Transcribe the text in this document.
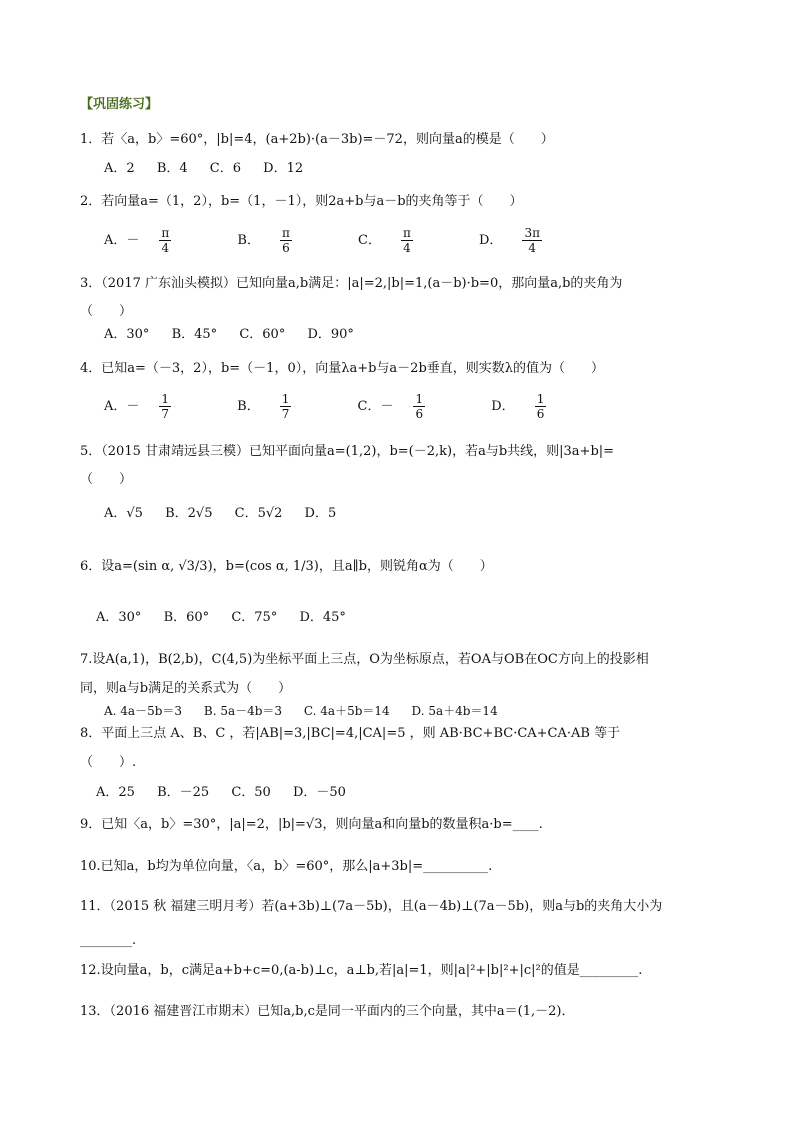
【巩固练习】
1．若〈a，b〉=60°，|b|=4，(a+2b)·(a－3b)=－72，则向量a的模是（　　）
A．2 B．4 C．6 D．12
2．若向量a=（1，2），b=（1，－1），则2a+b与a－b的夹角等于（　　）
A．－ $\frac{\pi}{4}$	B． $\frac{\pi}{6}$	C． $\frac{\pi}{4}$	D． $\frac{3\pi}{4}$
3．（2017 广东汕头模拟）已知向量a,b满足：|a|=2,|b|=1,(a－b)·b=0，那向量a,b的夹角为
（　　）
A．30° B．45° C．60° D．90°
4．已知a=（－3，2），b=（－1，0），向量λa+b与a－2b垂直，则实数λ的值为（　　）
A．－ $\frac{1}{7}$	B． $\frac{1}{7}$	C．－ $\frac{1}{6}$	D． $\frac{1}{6}$
5．（2015 甘肃靖远县三模）已知平面向量a=(1,2)，b=(－2,k)，若a与b共线，则|3a+b|=
（　　）
A．√5 B．2√5 C．5√2 D．5
6．设a=(sin α, √3/3)，b=(cos α, 1/3)，且a∥b，则锐角α为（　　）
A．30° B．60° C．75° D．45°
7.设A(a,1)，B(2,b)，C(4,5)为坐标平面上三点，O为坐标原点，若OA与OB在OC方向上的投影相
同，则a与b满足的关系式为（　　）
A. 4a－5b＝3 B. 5a－4b＝3 C. 4a＋5b＝14 D. 5a＋4b＝14
8．平面上三点 A、B、C ，若|AB|=3,|BC|=4,|CA|=5 ，则 AB·BC+BC·CA+CA·AB 等于
（　　）.
A．25 B．－25 C．50 D．－50
9．已知〈a，b〉=30°，|a|=2，|b|=√3，则向量a和向量b的数量积a·b=____.
10.已知a，b均为单位向量，〈a，b〉=60°，那么|a+3b|=__________.
11．（2015 秋 福建三明月考）若(a+3b)⊥(7a－5b)，且(a－4b)⊥(7a－5b)，则a与b的夹角大小为
________.
12.设向量a，b，c满足a+b+c=0,(a-b)⊥c，a⊥b,若|a|=1，则|a|²+|b|²+|c|²的值是_________.
13．（2016 福建晋江市期末）已知a,b,c是同一平面内的三个向量，其中a＝(1,－2)．
